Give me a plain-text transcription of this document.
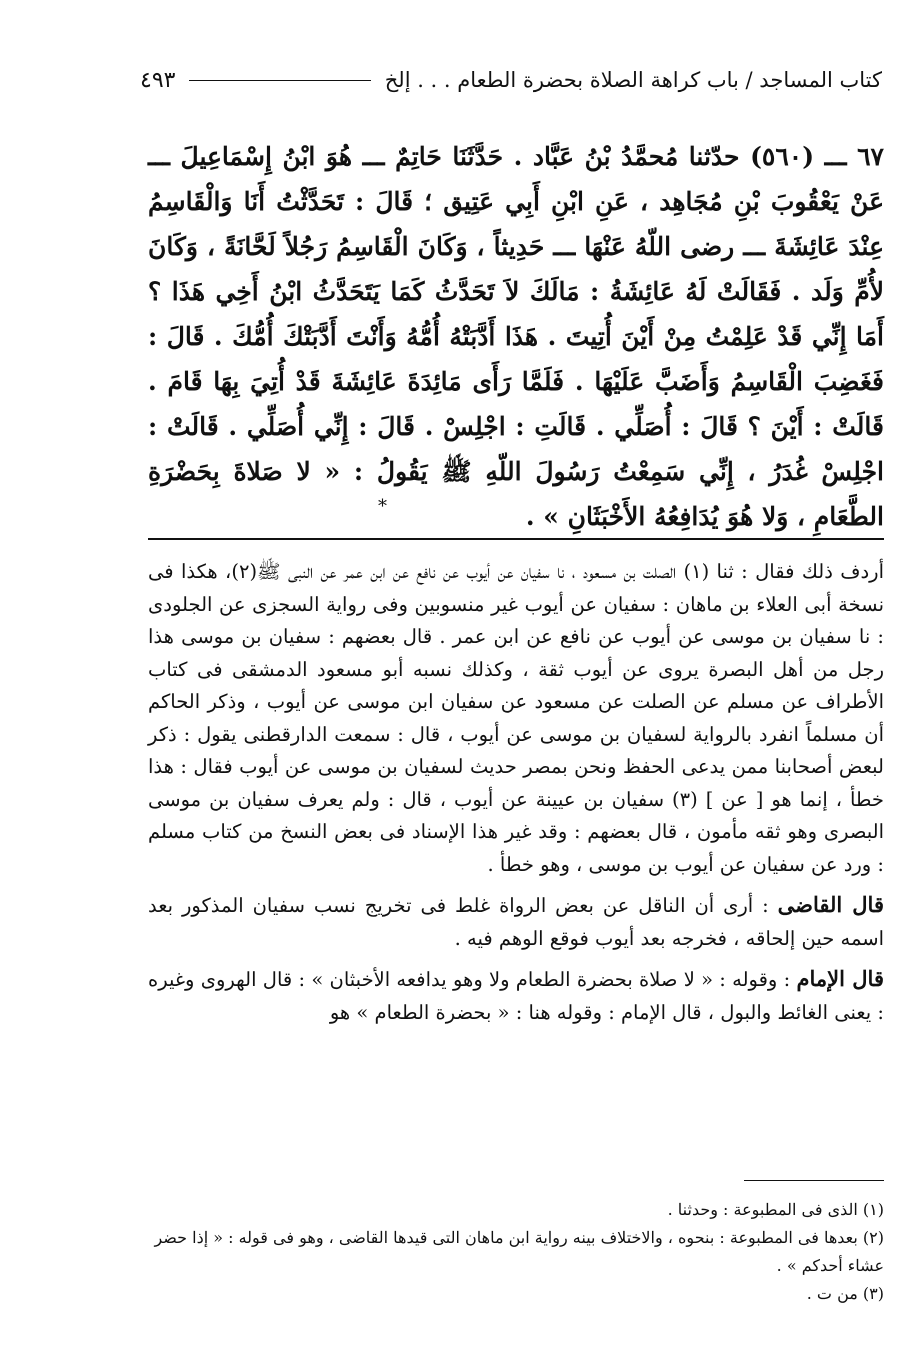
كتاب المساجد / باب كراهة الصلاة بحضرة الطعام . . . إلخ
٤٩٣
٦٧ ـــ (٥٦٠) حدّثنا مُحمَّدُ بْنُ عَبَّاد . حَدَّثَنَا حَاتِمٌ ـــ هُوَ ابْنُ إِسْمَاعِيلَ ـــ عَنْ يَعْقُوبَ بْنِ مُجَاهِد ، عَنِ ابْنِ أَبِي عَتِيق ؛ قَالَ : تَحَدَّثْتُ أَنَا وَالْقَاسِمُ عِنْدَ عَائِشَةَ ـــ رضى اللّهُ عَنْهَا ـــ حَدِيثاً ، وَكَانَ الْقَاسِمُ رَجُلاً لَحَّانَةً ، وَكَانَ لأُمِّ وَلَد . فَقَالَتْ لَهُ عَائِشَةُ : مَالَكَ لاَ تَحَدَّثُ كَمَا يَتَحَدَّثُ ابْنُ أَخِي هَذَا ؟ أَمَا إِنِّي قَدْ عَلِمْتُ مِنْ أَيْنَ أُتِيتَ . هَذَا أَدَّبَتْهُ أُمُّهُ وَأَنْتَ أَدَّبَتْكَ أُمُّكَ . قَالَ : فَغَضِبَ الْقَاسِمُ وَأَضَبَّ عَلَيْهَا . فَلَمَّا رَأَى مَائِدَةَ عَائِشَةَ قَدْ أُتِيَ بِهَا قَامَ . قَالَتْ : أَيْنَ ؟ قَالَ : أُصَلِّي . قَالَتِ : اجْلِسْ . قَالَ : إِنِّي أُصَلِّي . قَالَتْ : اجْلِسْ غُدَرُ ، إِنِّي سَمِعْتُ رَسُولَ اللّهِ ﷺ يَقُولُ : « لا صَلاةَ بِحَضْرَةِ الطَّعَامِ ، وَلا هُوَ يُدَافِعُهُ الأَخْبَثَانِ » .
*

أردف ذلك فقال : ثنا (١) الصلت بن مسعود ، نا سفيان عن أيوب عن نافع عن ابن عمر عن النبى ﷺ(٢)، هكذا فى نسخة أبى العلاء بن ماهان : سفيان عن أيوب غير منسوبين وفى رواية السجزى عن الجلودى : نا سفيان بن موسى عن أيوب عن نافع عن ابن عمر . قال بعضهم : سفيان بن موسى هذا رجل من أهل البصرة يروى عن أيوب ثقة ، وكذلك نسبه أبو مسعود الدمشقى فى كتاب الأطراف عن مسلم عن الصلت عن مسعود عن سفيان ابن موسى عن أيوب ، وذكر الحاكم أن مسلماً انفرد بالرواية لسفيان بن موسى عن أيوب ، قال : سمعت الدارقطنى يقول : ذكر لبعض أصحابنا ممن يدعى الحفظ ونحن بمصر حديث لسفيان بن موسى عن أيوب فقال : هذا خطأ ، إنما هو [ عن ] (٣) سفيان بن عيينة عن أيوب ، قال : ولم يعرف سفيان بن موسى البصرى وهو ثقه مأمون ، قال بعضهم : وقد غير هذا الإسناد فى بعض النسخ من كتاب مسلم : ورد عن سفيان عن أيوب بن موسى ، وهو خطأ .

قال القاضى : أرى أن الناقل عن بعض الرواة غلط فى تخريج نسب سفيان المذكور بعد اسمه حين إلحاقه ، فخرجه بعد أيوب فوقع الوهم فيه .

قال الإمام : وقوله : « لا صلاة بحضرة الطعام ولا وهو يدافعه الأخبثان » : قال الهروى وغيره : يعنى الغائط والبول ، قال الإمام : وقوله هنا : « بحضرة الطعام » هو

(١) الذى فى المطبوعة : وحدثنا .

(٢) بعدها فى المطبوعة : بنحوه ، والاختلاف بينه رواية ابن ماهان التى قيدها القاضى ، وهو فى قوله : « إذا حضر عشاء أحدكم » .

(٣) من ت .
